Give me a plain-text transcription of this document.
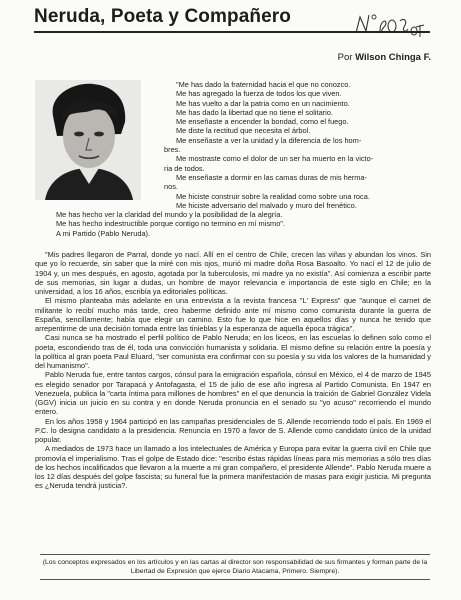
Neruda, Poeta y Compañero
Por Wilson Chinga F.
"Me has dado la fraternidad hacia el que no conozco.
Me has agregado la fuerza de todos los que viven.
Me has vuelto a dar la patria como en un nacimiento.
Me has dado la libertad que no tiene el solitario.
Me enseñaste a encender la bondad, como el fuego.
Me diste la rectitud que necesita el árbol.
Me enseñaste a ver la unidad y la diferencia de los hom-
bres.
Me mostraste como el dolor de un ser ha muerto en la victo-
ria de todos.
Me enseñaste a dormir en las camas duras de mis herma-
nos.
Me hiciste construir sobre la realidad como sobre una roca.
Me hiciste adversario del malvado y muro del frenético.
Me has hecho ver la claridad del mundo y la posibilidad de la alegría.
Me has hecho indestructible porque contigo no termino en mí mismo".
A mi Partido (Pablo Neruda).

"Mis padres llegaron de Parral, donde yo nací. Allí en el centro de Chile, crecen las viñas y abundan los vinos. Sin que yo lo recuerde, sin saber que la miré con mis ojos, murió mi madre doña Rosa Basoalto. Yo nací el 12 de julio de 1904 y, un mes después, en agosto, agotada por la tuberculosis, mi madre ya no existía". Así comienza a escribir parte de sus memorias, sin lugar a dudas, un hombre de mayor relevancia e importancia de este siglo en Chile; en la universidad, a los 16 años, escribía ya editoriales políticas.

El mismo planteaba más adelante en una entrevista a la revista francesa "L' Express" que "aunque el carnet de militante lo recibí mucho más tarde, creo haberme definido ante mí mismo como comunista durante la guerra de España, sencillamente; había que elegir un camino. Esto fue lo que hice en aquellos días y nunca he tenido que arrepentirme de una decisión tomada entre las tinieblas y la esperanza de aquella época trágica".

Casi nunca se ha mostrado el perfil político de Pablo Neruda; en los liceos, en las escuelas lo definen solo como el poeta, escondiendo tras de él, toda una convicción humanista y solidaria. El mismo define su relación entre la poesía y la política al gran poeta Paul Eluard, "ser comunista era confirmar con su poesía y su vida los valores de la humanidad y del humanismo".

Pablo Neruda fue, entre tantos cargos, cónsul para la emigración española, cónsul en México, el 4 de marzo de 1945 es elegido senador por Tarapacá y Antofagasta, el 15 de julio de ese año ingresa al Partido Comunista. En 1947 en Venezuela, publica la "carta íntima para millones de hombres" en el que denuncia la traición de Gabriel González Videla (GGV) inicia un juicio en su contra y en donde Neruda pronuncia en el senado su "yo acuso" recorriendo el mundo entero.

En los años 1958 y 1964 participó en las campañas presidenciales de S. Allende recorriendo todo el país. En 1969 el P.C. lo designa candidato a la presidencia. Renuncia en 1970 a favor de S. Allende como candidato único de la unidad popular.

A mediados de 1973 hace un llamado a los intelectuales de América y Europa para evitar la guerra civil en Chile que promovía el imperialismo. Tras el golpe de Estado dice: "escribo éstas rápidas líneas para mis memorias a sólo tres días de los hechos incalificados que llevaron a la muerte a mi gran compañero, el presidente Allende". Pablo Neruda muere a los 12 días después del golpe fascista; su funeral fue la primera manifestación de masas para exigir justicia. Mi pregunta es ¿Neruda tendrá justicia?.

(Los conceptos expresados en los artículos y en las cartas al director son responsabilidad de sus firmantes y forman parte de la Libertad de Expresión que ejerce Diario Atacama, Primero. Siempre).
